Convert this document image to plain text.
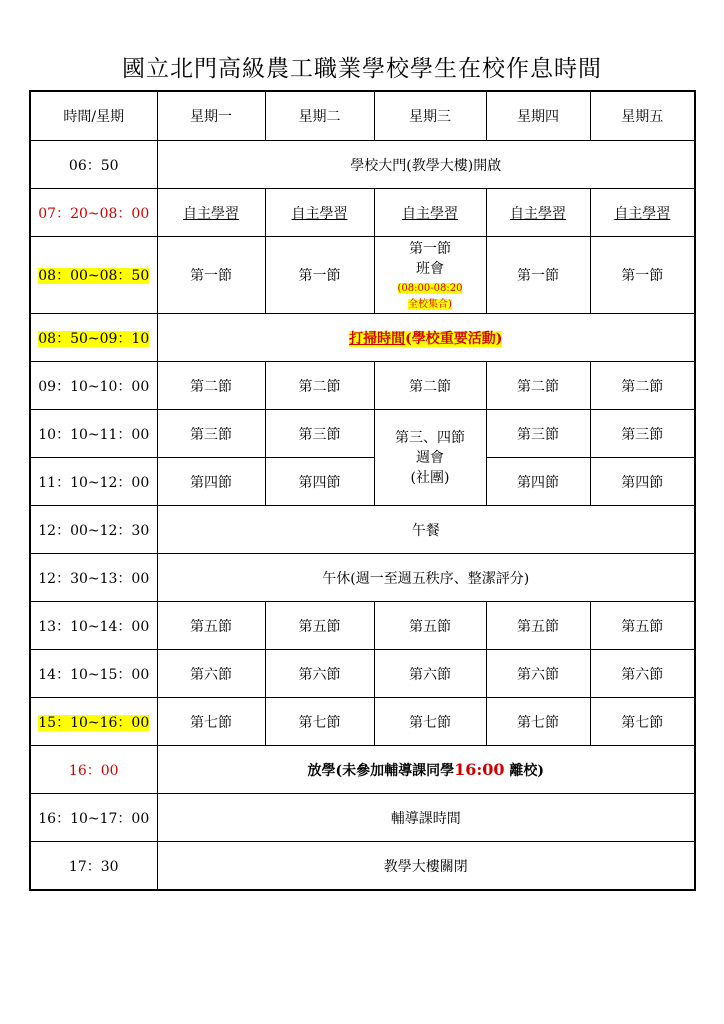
國立北門高級農工職業學校學生在校作息時間
時間/星期	星期一	星期二	星期三	星期四	星期五
06：50	學校大門(教學大樓)開啟				
07：20~08：00	自主學習	自主學習	自主學習	自主學習	自主學習
08：00~08：50	第一節	第一節	第一節
班會
(08:00-08:20
全校集合)	第一節	第一節
08：50~09：10	打掃時間(學校重要活動)				
09：10~10：00	第二節	第二節	第二節	第二節	第二節
10：10~11：00	第三節	第三節	第三、四節
週會
(社團)	第三節	第三節
11：10~12：00	第四節	第四節		第四節	第四節
12：00~12：30	午餐				
12：30~13：00	午休(週一至週五秩序、整潔評分)				
13：10~14：00	第五節	第五節	第五節	第五節	第五節
14：10~15：00	第六節	第六節	第六節	第六節	第六節
15：10~16：00	第七節	第七節	第七節	第七節	第七節
16：00	放學(未參加輔導課同學16:00 離校)				
16：10~17：00	輔導課時間				
17：30	教學大樓關閉				
